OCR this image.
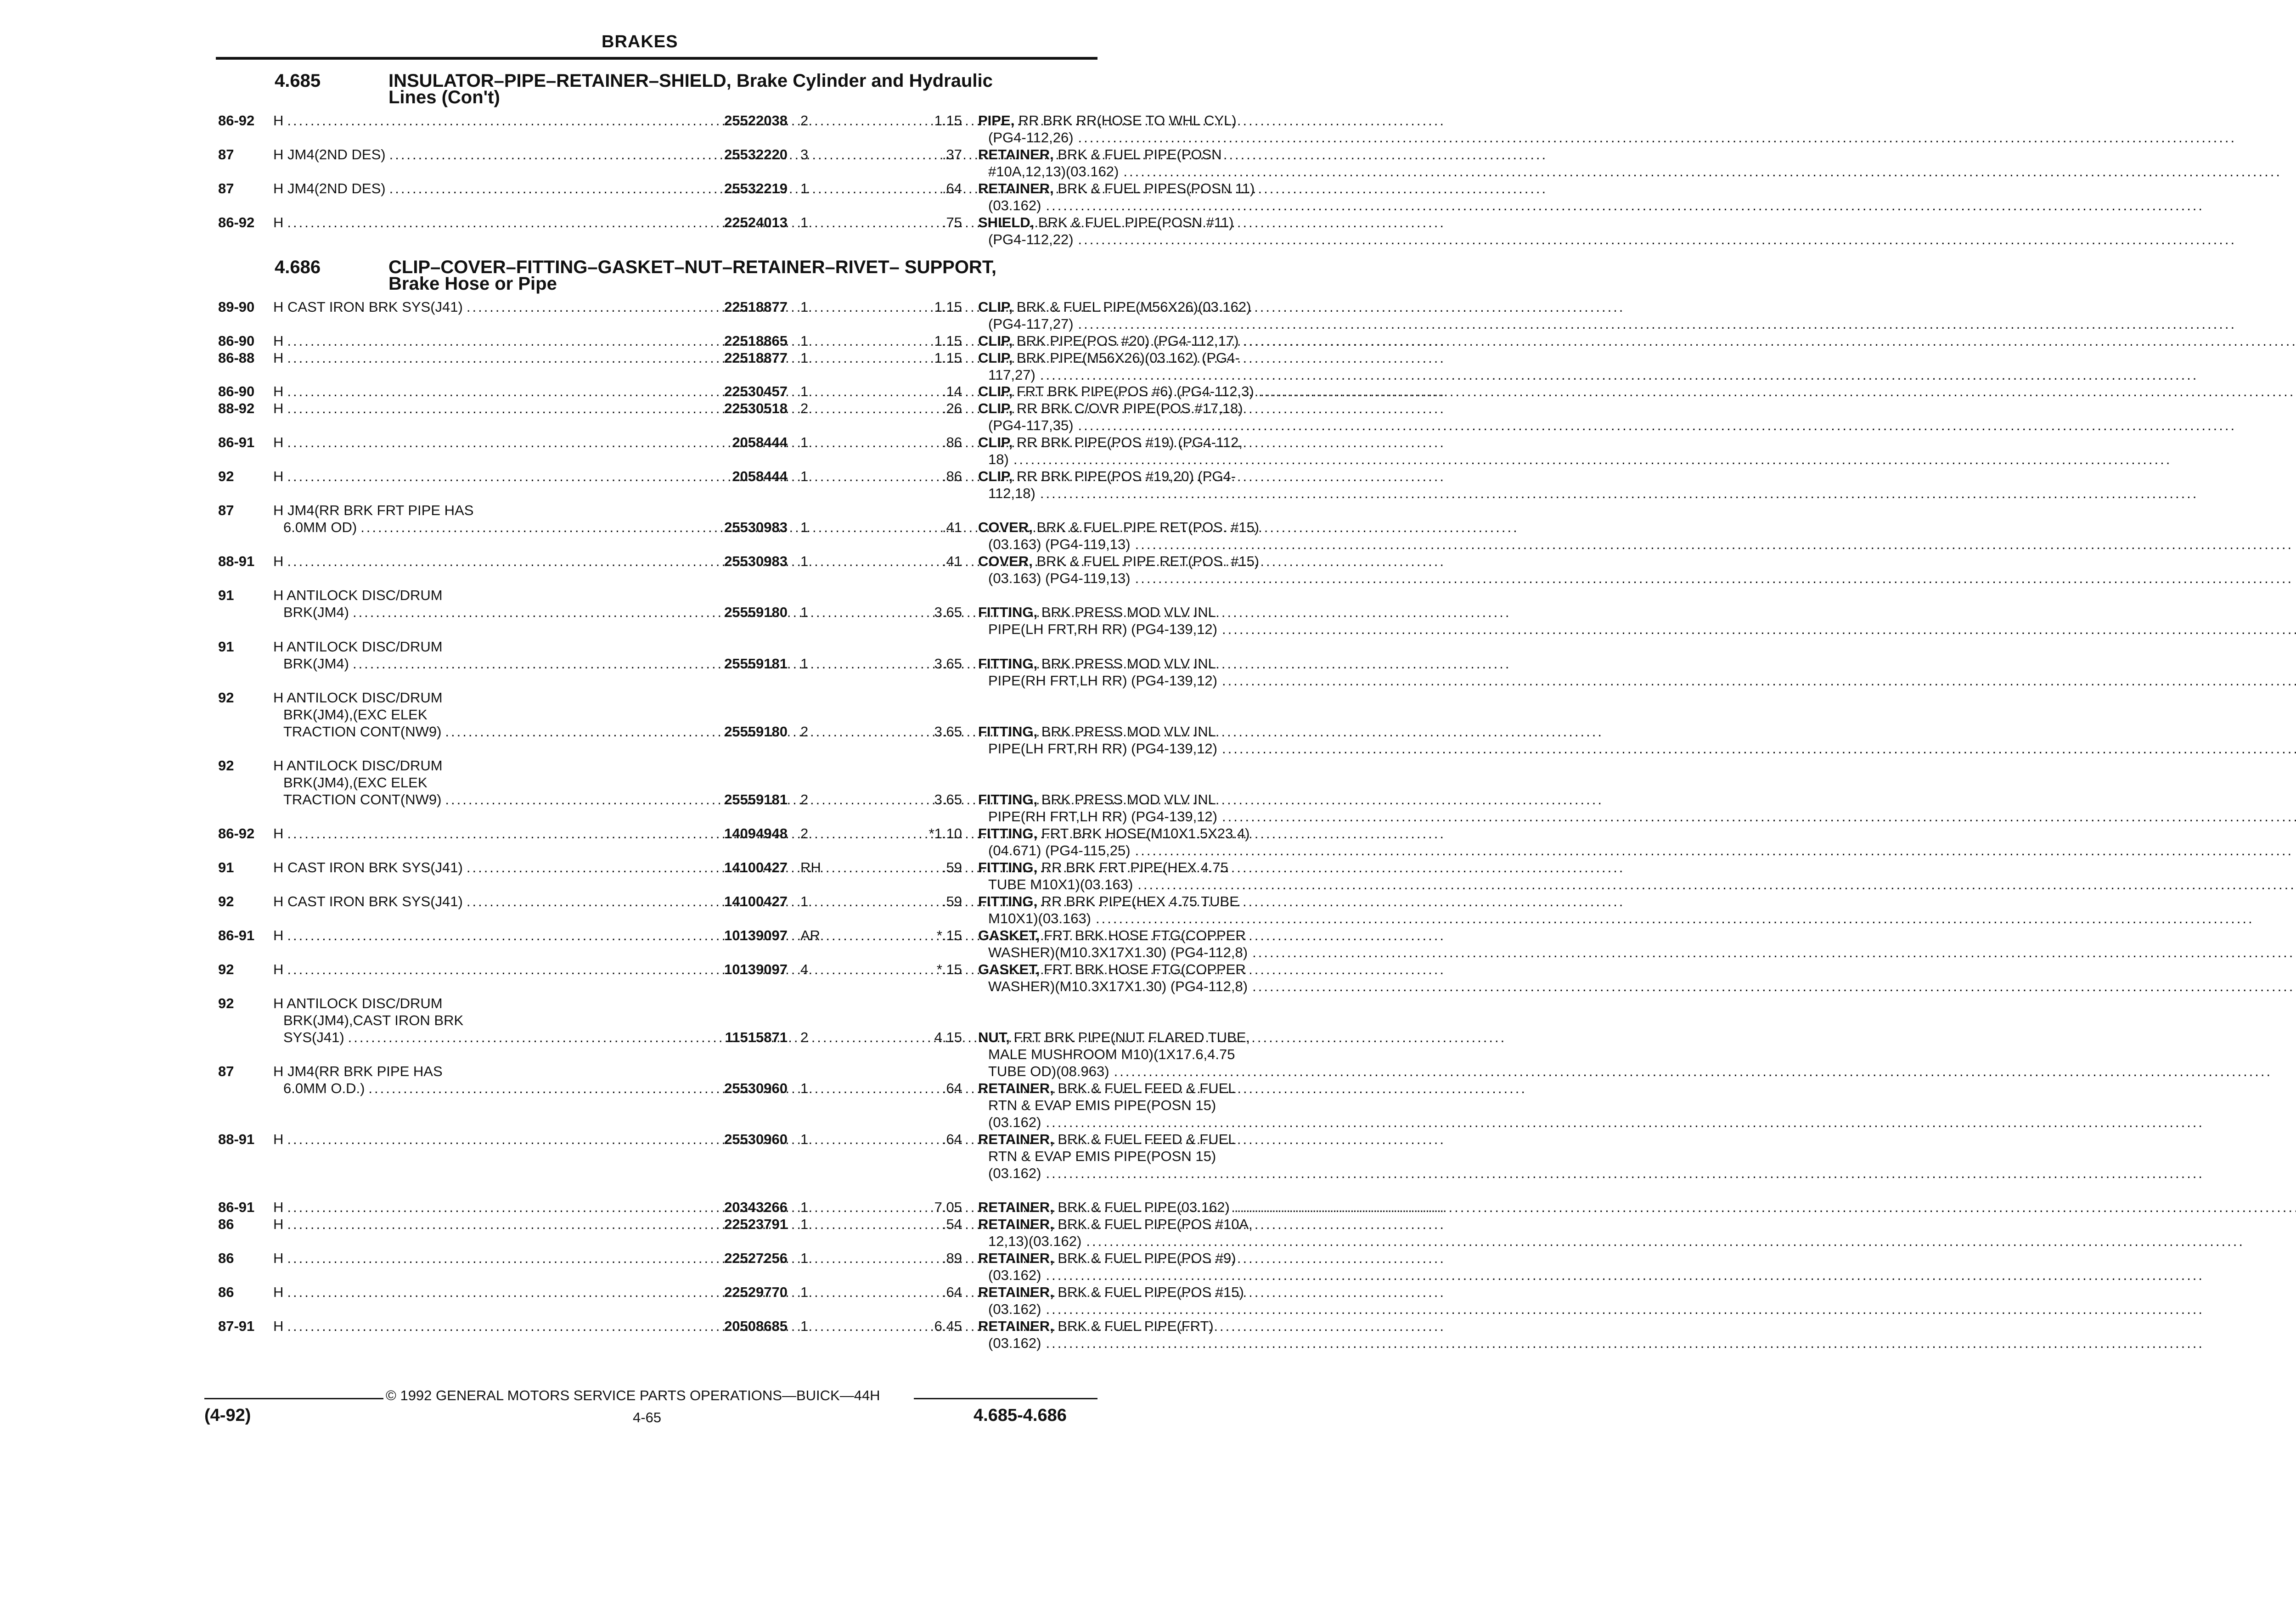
BRAKES
4.685	INSULATOR–PIPE–RETAINER–SHIELD, Brake Cylinder and Hydraulic
Lines (Con't)
4.686	CLIP–COVER–FITTING–GASKET–NUT–RETAINER–RIVET– SUPPORT,
Brake Hose or Pipe
86-92 H .....	25522038 2	1.15 PIPE, RR BRK RR(HOSE TO WHL CYL)
(PG4-112,26)
.....
87	H JM4(2ND DES) .....	25532220 3	.37 RETAINER, BRK & FUEL PIPE(POSN
#10A,12,13)(03.162)
.....
87	H JM4(2ND DES) .....	25532219 1	.64 RETAINER, BRK & FUEL PIPES(POSN 11)
(03.162)
.....
86-92 H .....	22524013 1	.75 SHIELD, BRK & FUEL PIPE(POSN #11)
(PG4-112,22)
.....
89-90 H CAST IRON BRK SYS(J41) .....	22518877 1	1.15 CLIP, BRK & FUEL PIPE(M56X26)(03.162)
(PG4-117,27)
.....
86-90 H .....	22518865 1	1.15 CLIP, BRK PIPE(POS #20) (PG4-112,17)
.....
86-88 H .....	22518877 1	1.15 CLIP, BRK PIPE(M56X26)(03.162) (PG4-
117,27)
.....
86-90 H .....	22530457 1	.14 CLIP, FRT BRK PIPE(POS #6) (PG4-112,3)
.....
88-92 H .....	22530518 2	.26 CLIP, RR BRK C/OVR PIPE(POS #17,18)
(PG4-117,35)
.....
86-91 H .....	2058444 1	.86 CLIP, RR BRK PIPE(POS #19) (PG4-112,
18)
.....
92	H .....	2058444 1	.86 CLIP, RR BRK PIPE(POS #19,20) (PG4-
112,18)
.....
87	H JM4(RR BRK FRT PIPE HAS
6.0MM OD) .....	25530983 1	.41 COVER, BRK & FUEL PIPE RET(POS. #15)
(03.163) (PG4-119,13)
.....
88-91 H .....	25530983 1	.41 COVER, BRK & FUEL PIPE RET(POS. #15)
(03.163) (PG4-119,13)
.....
91	H ANTILOCK DISC/DRUM
BRK(JM4) .....	25559180 1	3.65 FITTING, BRK PRESS MOD VLV INL
PIPE(LH FRT,RH RR) (PG4-139,12)
.....
91	H ANTILOCK DISC/DRUM
BRK(JM4) .....	25559181 1	3.65 FITTING, BRK PRESS MOD VLV INL
PIPE(RH FRT,LH RR) (PG4-139,12)
.....
92	H ANTILOCK DISC/DRUM
BRK(JM4),(EXC ELEK
TRACTION CONT(NW9) .....	25559180 2	3.65 FITTING, BRK PRESS MOD VLV INL
PIPE(LH FRT,RH RR) (PG4-139,12)
.....
92	H ANTILOCK DISC/DRUM
BRK(JM4),(EXC ELEK
TRACTION CONT(NW9) .....	25559181 2	3.65 FITTING, BRK PRESS MOD VLV INL
PIPE(RH FRT,LH RR) (PG4-139,12)
.....
86-92 H .....	14094948 2	*1.10 FITTING, FRT BRK HOSE(M10X1.5X23.4)
(04.671) (PG4-115,25)
.....
91	H CAST IRON BRK SYS(J41) .....	14100427 RH	.59 FITTING, RR BRK FRT PIPE(HEX 4.75
TUBE M10X1)(03.163)
.....
92	H CAST IRON BRK SYS(J41) .....	14100427 1	.59 FITTING, RR BRK PIPE(HEX 4.75 TUBE
M10X1)(03.163)
.....
86-91 H .....	10139097 AR	*.15 GASKET, FRT BRK HOSE FTG(COPPER
WASHER)(M10.3X17X1.30) (PG4-112,8)
.....
92	H .....	10139097 4	*.15 GASKET, FRT BRK HOSE FTG(COPPER
WASHER)(M10.3X17X1.30) (PG4-112,8)
.....
92	H ANTILOCK DISC/DRUM
BRK(JM4),CAST IRON BRK
SYS(J41) .....	11515871 2	4.15 NUT, FRT BRK PIPE(NUT FLARED TUBE,
MALE MUSHROOM M10)(1X17.6,4.75
TUBE OD)(08.963)
.....
87	H JM4(RR BRK PIPE HAS
6.0MM O.D.) .....	25530960 1	.64 RETAINER, BRK & FUEL FEED & FUEL
RTN & EVAP EMIS PIPE(POSN 15)
(03.162)
.....
88-91 H .....	25530960 1	.64 RETAINER, BRK & FUEL FEED & FUEL
RTN & EVAP EMIS PIPE(POSN 15)
(03.162)
.....
86-91 H .....	20343266 1	7.05 RETAINER, BRK & FUEL PIPE(03.162)
.....
86	H .....	22523791 1	.54 RETAINER, BRK & FUEL PIPE(POS #10A,
12,13)(03.162)
.....
86	H .....	22527256 1	.89 RETAINER, BRK & FUEL PIPE(POS #9)
(03.162)
.....
86	H .....	22529770 1	.64 RETAINER, BRK & FUEL PIPE(POS #15)
(03.162)
.....
87-91 H .....	20508685 1	6.45 RETAINER, BRK & FUEL PIPE(FRT)
(03.162)
.....
© 1992 GENERAL MOTORS SERVICE PARTS OPERATIONS—BUICK—44H
(4-92)	4-65	4.685-4.686
